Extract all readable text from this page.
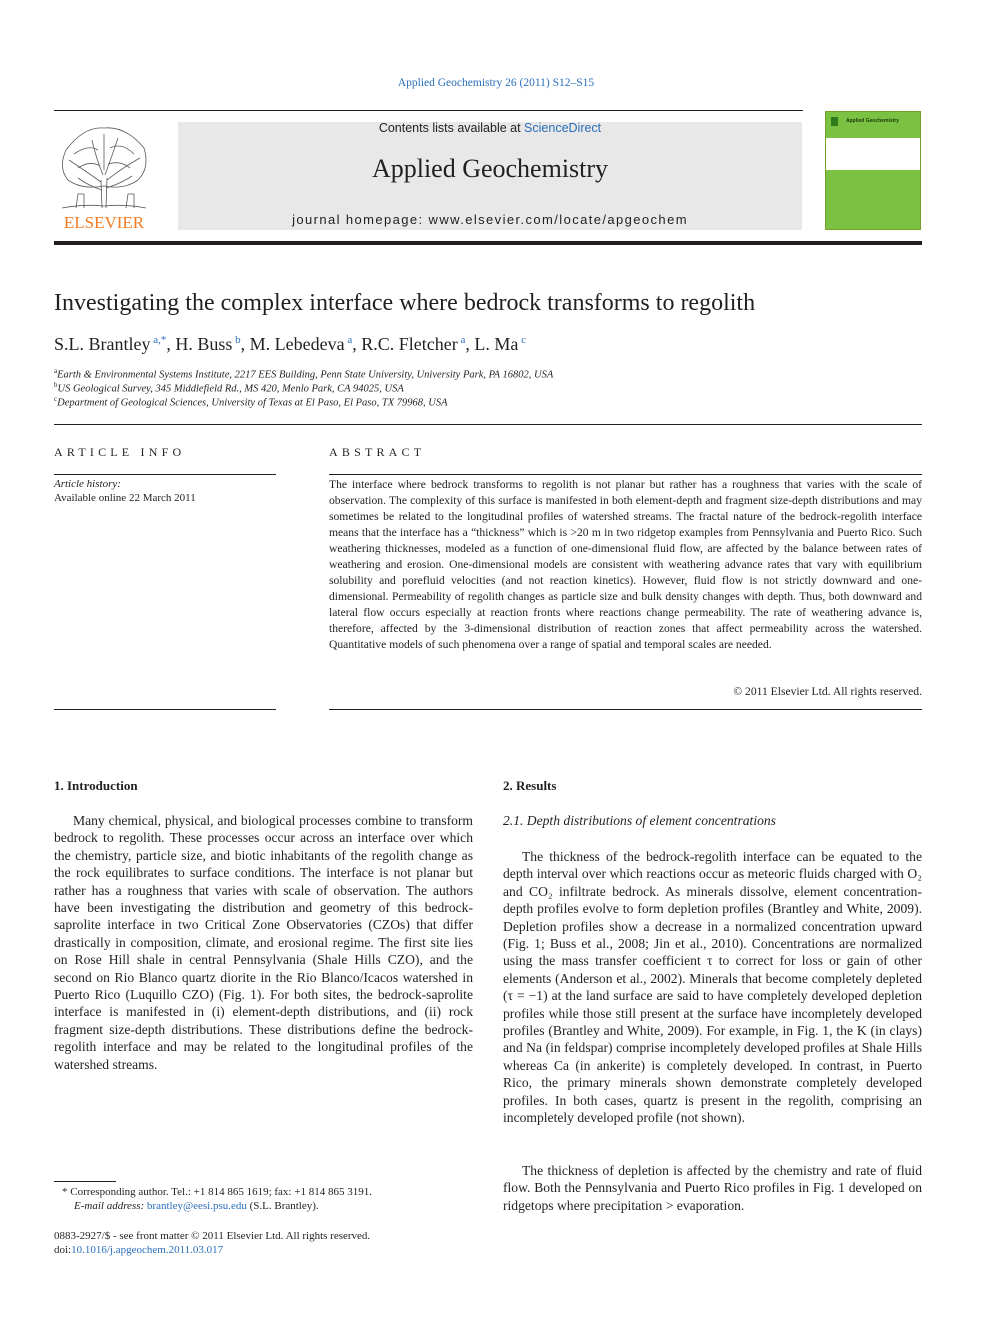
Applied Geochemistry 26 (2011) S12–S15
ELSEVIER
Contents lists available at ScienceDirect
Applied Geochemistry
journal homepage: www.elsevier.com/locate/apgeochem
Applied Geochemistry
Investigating the complex interface where bedrock transforms to regolith
S.L. Brantley $^{a,*}$, H. Buss $^b$, M. Lebedeva $^a$, R.C. Fletcher $^a$, L. Ma $^c$
$^a$Earth & Environmental Systems Institute, 2217 EES Building, Penn State University, University Park, PA 16802, USA
$^b$US Geological Survey, 345 Middlefield Rd., MS 420, Menlo Park, CA 94025, USA
$^c$Department of Geological Sciences, University of Texas at El Paso, El Paso, TX 79968, USA
ARTICLE INFO
Article history:
Available online 22 March 2011
ABSTRACT
The interface where bedrock transforms to regolith is not planar but rather has a roughness that varies with the scale of observation. The complexity of this surface is manifested in both element-depth and fragment size-depth distributions and may sometimes be related to the longitudinal profiles of watershed streams. The fractal nature of the bedrock-regolith interface means that the interface has a “thickness” which is >20 m in two ridgetop examples from Pennsylvania and Puerto Rico. Such weathering thicknesses, modeled as a function of one-dimensional fluid flow, are affected by the balance between rates of weathering and erosion. One-dimensional models are consistent with weathering advance rates that vary with equilibrium solubility and porefluid velocities (and not reaction kinetics). However, fluid flow is not strictly downward and one-dimensional. Permeability of regolith changes as particle size and bulk density changes with depth. Thus, both downward and lateral flow occurs especially at reaction fronts where reactions change permeability. The rate of weathering advance is, therefore, affected by the 3-dimensional distribution of reaction zones that affect permeability across the watershed. Quantitative models of such phenomena over a range of spatial and temporal scales are needed.
© 2011 Elsevier Ltd. All rights reserved.
1. Introduction
Many chemical, physical, and biological processes combine to transform bedrock to regolith. These processes occur across an interface over which the chemistry, particle size, and biotic inhabitants of the regolith change as the rock equilibrates to surface conditions. The interface is not planar but rather has a roughness that varies with scale of observation. The authors have been investigating the distribution and geometry of this bedrock-saprolite interface in two Critical Zone Observatories (CZOs) that differ drastically in composition, climate, and erosional regime. The first site lies on Rose Hill shale in central Pennsylvania (Shale Hills CZO), and the second on Rio Blanco quartz diorite in the Rio Blanco/Icacos watershed in Puerto Rico (Luquillo CZO) (Fig. 1). For both sites, the bedrock-saprolite interface is manifested in (i) element-depth distributions, and (ii) rock fragment size-depth distributions. These distributions define the bedrock-regolith interface and may be related to the longitudinal profiles of the watershed streams.
2. Results
2.1. Depth distributions of element concentrations
The thickness of the bedrock-regolith interface can be equated to the depth interval over which reactions occur as meteoric fluids charged with O₂ and CO₂ infiltrate bedrock. As minerals dissolve, element concentration-depth profiles evolve to form depletion profiles (Brantley and White, 2009). Depletion profiles show a decrease in a normalized concentration upward (Fig. 1; Buss et al., 2008; Jin et al., 2010). Concentrations are normalized using the mass transfer coefficient τ to correct for loss or gain of other elements (Anderson et al., 2002). Minerals that become completely depleted (τ = −1) at the land surface are said to have completely developed depletion profiles while those still present at the surface have incompletely developed profiles (Brantley and White, 2009). For example, in Fig. 1, the K (in clays) and Na (in feldspar) comprise incompletely developed profiles at Shale Hills whereas Ca (in ankerite) is completely developed. In contrast, in Puerto Rico, the primary minerals shown demonstrate completely developed profiles. In both cases, quartz is present in the regolith, comprising an incompletely developed profile (not shown).
The thickness of depletion is affected by the chemistry and rate of fluid flow. Both the Pennsylvania and Puerto Rico profiles in Fig. 1 developed on ridgetops where precipitation > evaporation.
* Corresponding author. Tel.: +1 814 865 1619; fax: +1 814 865 3191.
E-mail address: brantley@eesi.psu.edu (S.L. Brantley).
0883-2927/$ - see front matter © 2011 Elsevier Ltd. All rights reserved.
doi:10.1016/j.apgeochem.2011.03.017
